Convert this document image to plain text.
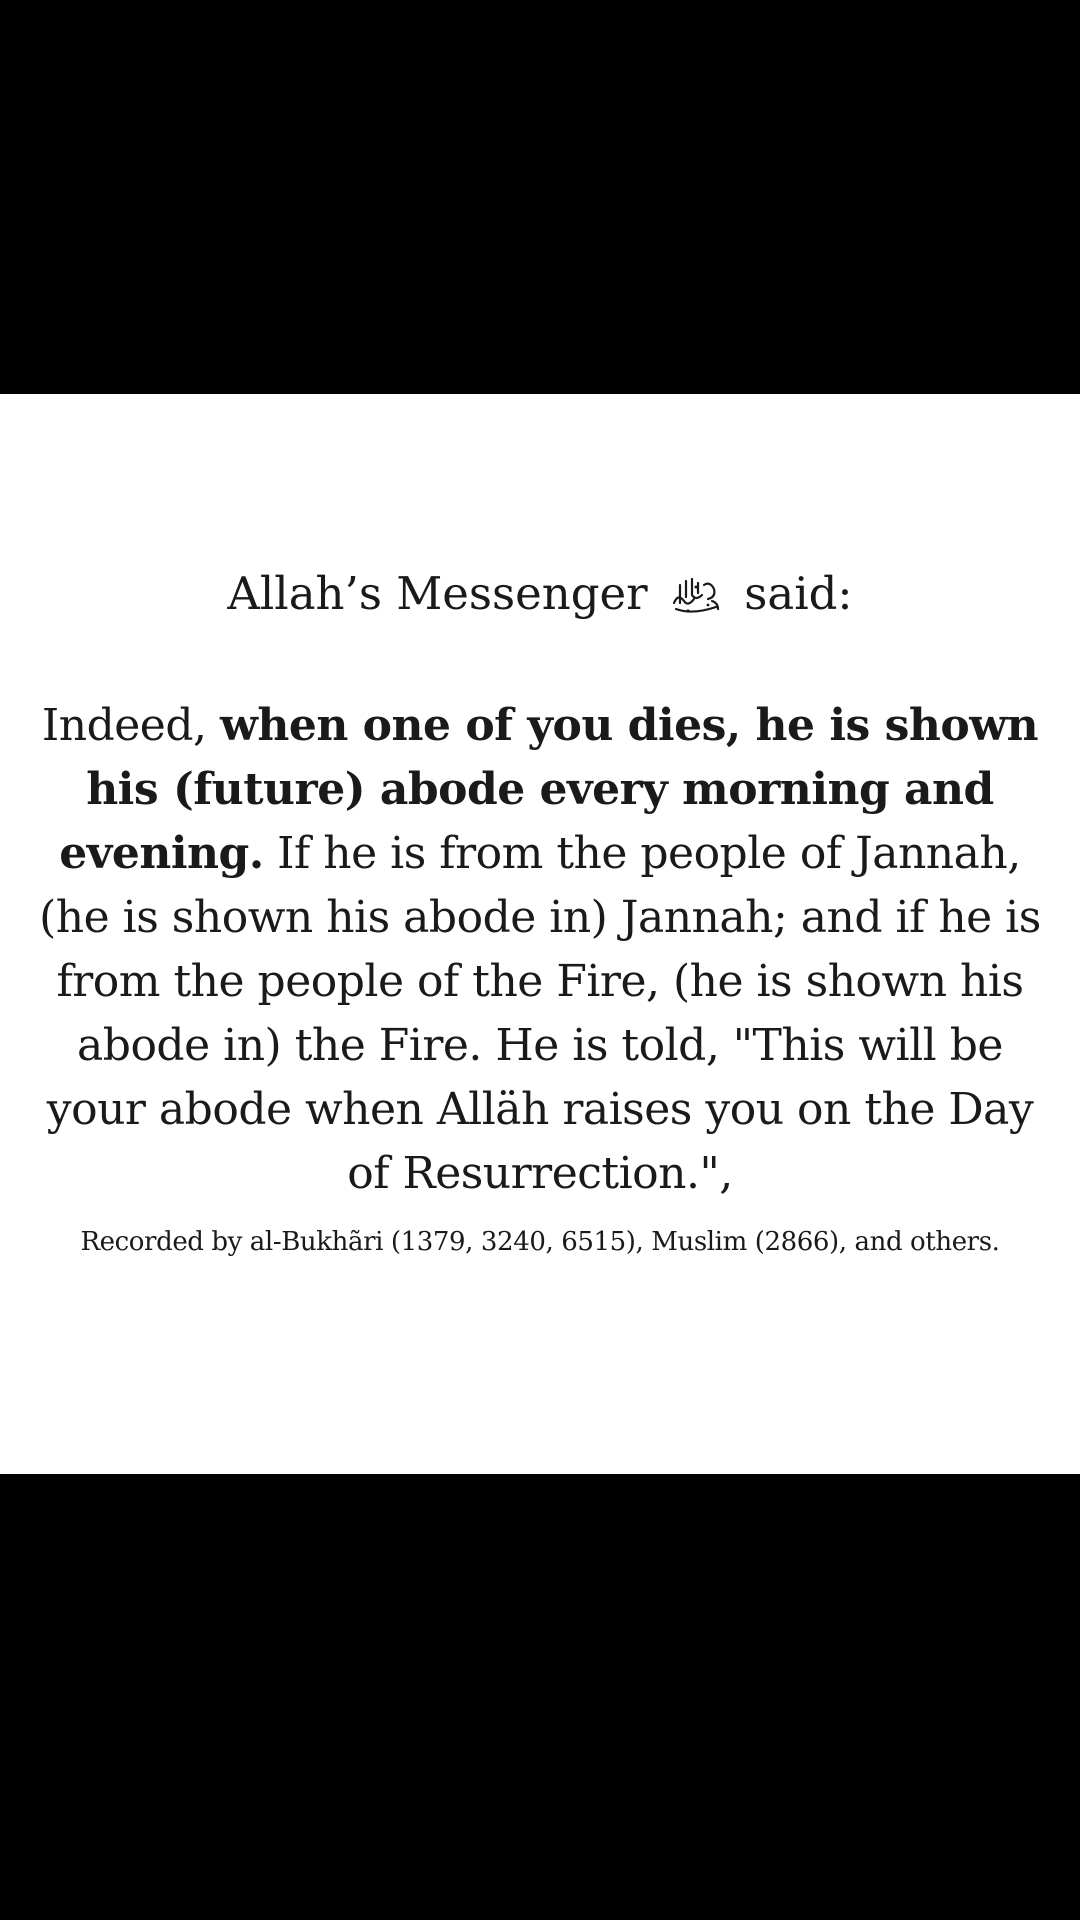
Allah’s Messenger said:
Indeed, when one of you dies, he is shown his (future) abode every morning and evening. If he is from the people of Jannah, (he is shown his abode in) Jannah; and if he is from the people of the Fire, (he is shown his abode in) the Fire. He is told, "This will be your abode when Alläh raises you on the Day of Resurrection.",
Recorded by al-Bukhãri (1379, 3240, 6515), Muslim (2866), and others.
